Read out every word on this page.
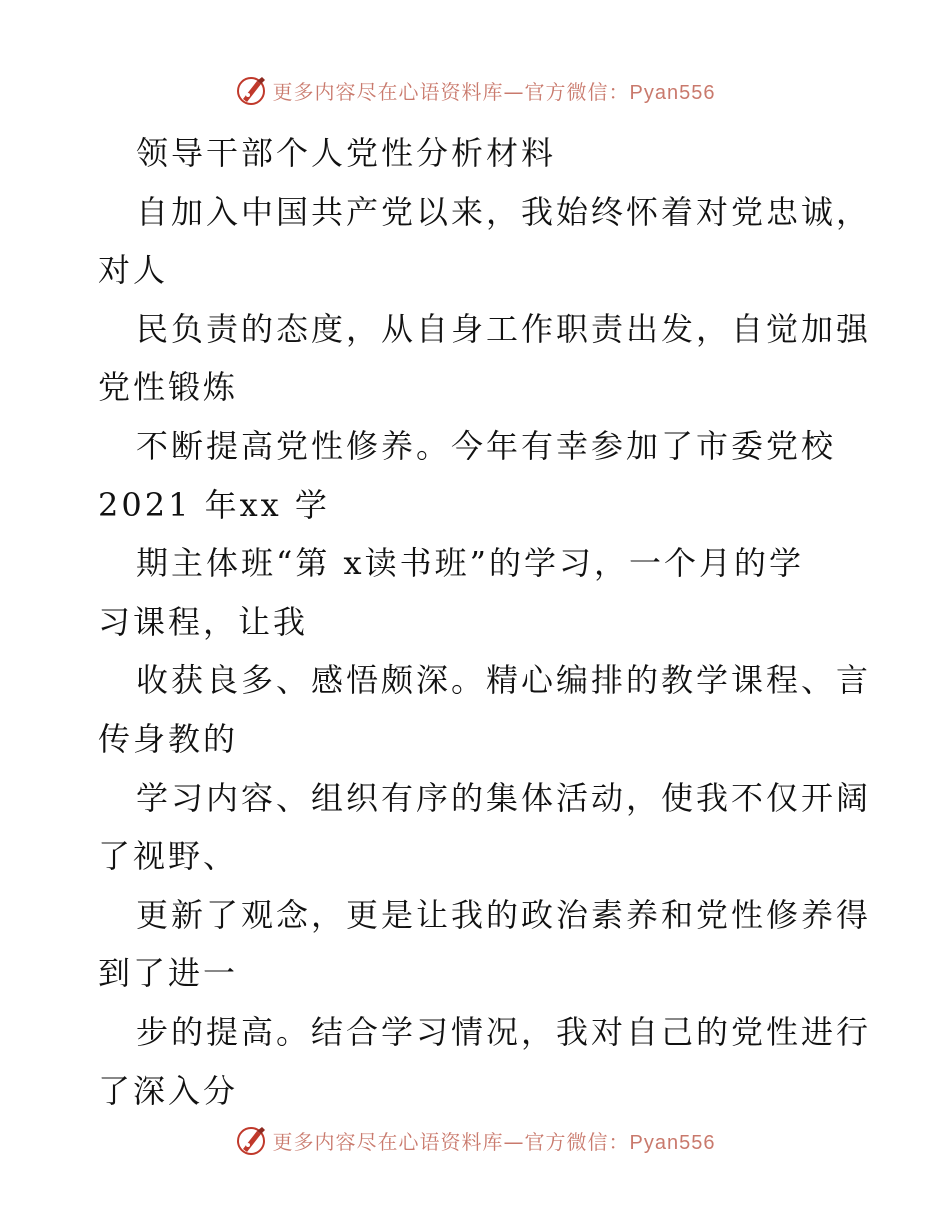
更多内容尽在心语资料库—官方微信：Pyan556
领导干部个人党性分析材料
自加入中国共产党以来，我始终怀着对党忠诚，
对人
民负责的态度，从自身工作职责出发，自觉加强
党性锻炼
不断提高党性修养。今年有幸参加了市委党校
2021 年xx 学
期主体班“第 x读书班”的学习，一个月的学
习课程，让我
收获良多、感悟颇深。精心编排的教学课程、言
传身教的
学习内容、组织有序的集体活动，使我不仅开阔
了视野、
更新了观念，更是让我的政治素养和党性修养得
到了进一
步的提高。结合学习情况，我对自己的党性进行
了深入分
更多内容尽在心语资料库—官方微信：Pyan556
